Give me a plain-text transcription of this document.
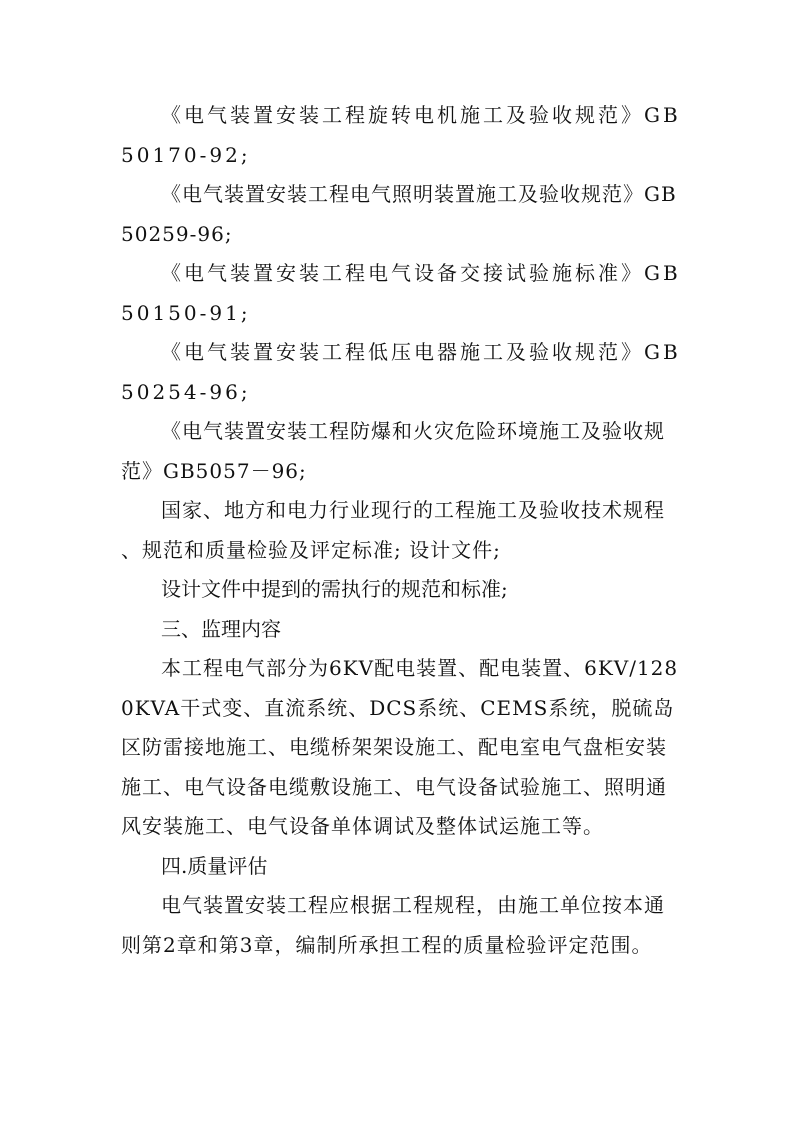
《电气装置安装工程旋转电机施工及验收规范》GB50170-92;

《电气装置安装工程电气照明装置施工及验收规范》GB50259-96;

《电气装置安装工程电气设备交接试验施标准》GB50150-91;

《电气装置安装工程低压电器施工及验收规范》GB50254-96;

《电气装置安装工程防爆和火灾危险环境施工及验收规范》GB5057－96;

国家、地方和电力行业现行的工程施工及验收技术规程 、规范和质量检验及评定标准; 设计文件;

设计文件中提到的需执行的规范和标准;

三、监理内容

本工程电气部分为6KV配电装置、配电装置、6KV/1280KVA干式变、直流系统、DCS系统、CEMS系统，脱硫岛区防雷接地施工、电缆桥架架设施工、配电室电气盘柜安装施工、电气设备电缆敷设施工、电气设备试验施工、照明通风安装施工、电气设备单体调试及整体试运施工等。

四.质量评估

电气装置安装工程应根据工程规程，由施工单位按本通则第2章和第3章，编制所承担工程的质量检验评定范围。
